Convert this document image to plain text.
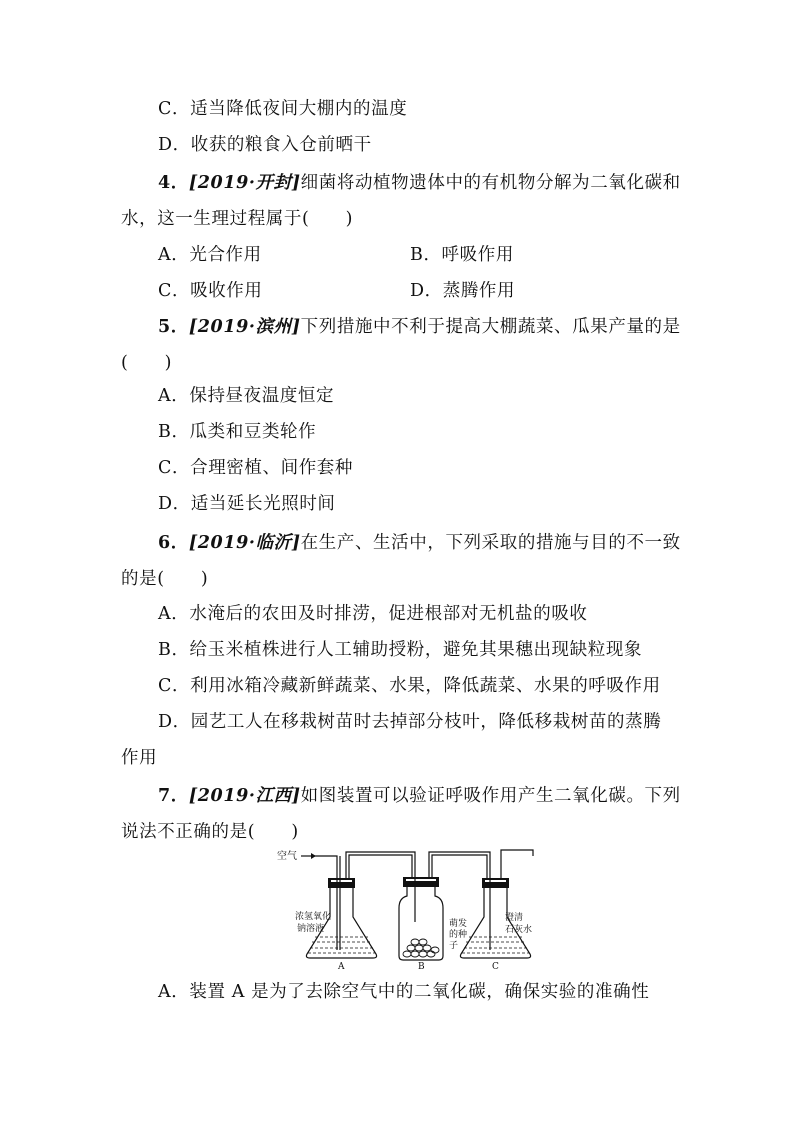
C．适当降低夜间大棚内的温度
D．收获的粮食入仓前晒干
4．[2019·开封]细菌将动植物遗体中的有机物分解为二氧化碳和
水，这一生理过程属于(　　)
A．光合作用	B．呼吸作用
C．吸收作用	D．蒸腾作用
5．[2019·滨州]下列措施中不利于提高大棚蔬菜、瓜果产量的是
(　　)
A．保持昼夜温度恒定
B．瓜类和豆类轮作
C．合理密植、间作套种
D．适当延长光照时间
6．[2019·临沂]在生产、生活中，下列采取的措施与目的不一致
的是(　　)
A．水淹后的农田及时排涝，促进根部对无机盐的吸收
B．给玉米植株进行人工辅助授粉，避免其果穗出现缺粒现象
C．利用冰箱冷藏新鲜蔬菜、水果，降低蔬菜、水果的呼吸作用
D．园艺工人在移栽树苗时去掉部分枝叶，降低移栽树苗的蒸腾
作用
7．[2019·江西]如图装置可以验证呼吸作用产生二氧化碳。下列
说法不正确的是(　　)
空气
浓氢氧化
钠溶液
A
萌发
的种
子
B
澄清
石灰水
C
A．装置 A 是为了去除空气中的二氧化碳，确保实验的准确性
